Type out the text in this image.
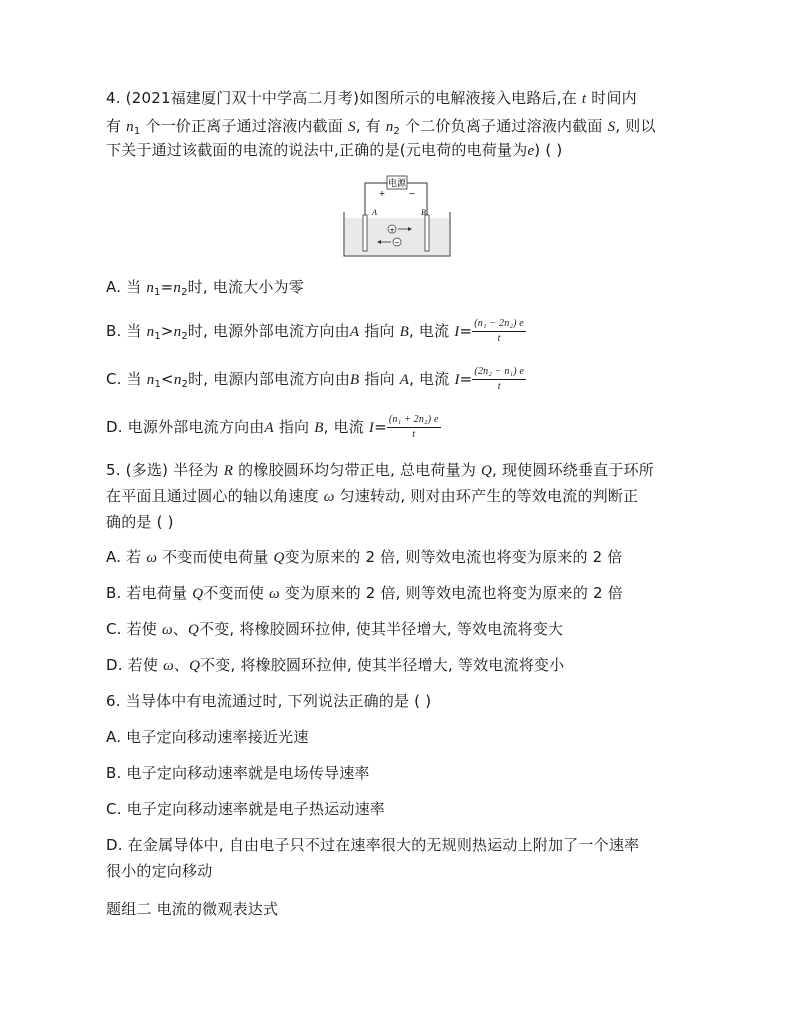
4. (2021福建厦门双十中学高二月考)如图所示的电解液接入电路后,在 t 时间内
有 $n_1$ 个一价正离子通过溶液内截面 S, 有 $n_2$ 个二价负离子通过溶液内截面 S, 则以
下关于通过该截面的电流的说法中,正确的是(元电荷的电荷量为e) ( )
电源
+	−
A	B
+
−
A. 当 $n_1=n_2$时, 电流大小为零
B. 当 $n_1>n_2$时, 电源外部电流方向由A 指向 B, 电流 $I= \frac{\text{(n₁ − 2n₂) e}}{t}$
C. 当 $n_1<n_2$时, 电源内部电流方向由B 指向 A, 电流 $I= \frac{\text{(2n₂ − n₁) e}}{t}$
D. 电源外部电流方向由A 指向 B, 电流 $I= \frac{\text{(n₁ + 2n₂) e}}{t}$
5. (多选) 半径为 R 的橡胶圆环均匀带正电, 总电荷量为 Q, 现使圆环绕垂直于环所
在平面且通过圆心的轴以角速度 ω 匀速转动, 则对由环产生的等效电流的判断正
确的是 ( )
A. 若 ω 不变而使电荷量 Q变为原来的 2 倍, 则等效电流也将变为原来的 2 倍
B. 若电荷量 Q不变而使 ω 变为原来的 2 倍, 则等效电流也将变为原来的 2 倍
C. 若使 ω、Q不变, 将橡胶圆环拉伸, 使其半径增大, 等效电流将变大
D. 若使 ω、Q不变, 将橡胶圆环拉伸, 使其半径增大, 等效电流将变小
6. 当导体中有电流通过时, 下列说法正确的是 ( )
A. 电子定向移动速率接近光速
B. 电子定向移动速率就是电场传导速率
C. 电子定向移动速率就是电子热运动速率
D. 在金属导体中, 自由电子只不过在速率很大的无规则热运动上附加了一个速率
很小的定向移动
题组二 电流的微观表达式
